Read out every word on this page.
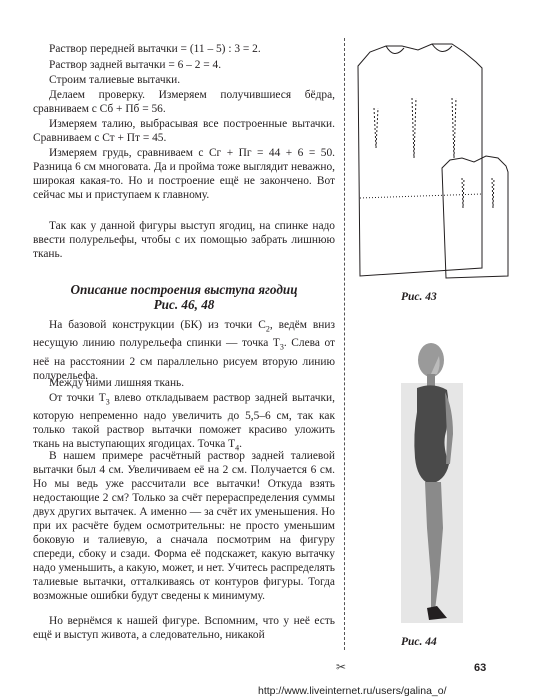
Раствор передней вытачки = (11 – 5) : 3 = 2.

Раствор задней вытачки = 6 – 2 = 4.

Строим талиевые вытачки.

Делаем проверку. Измеряем получившиеся бёдра, сравниваем с Сб + Пб = 56.

Измеряем талию, выбрасывая все построенные вытачки. Сравниваем с Ст + Пт = 45.

Измеряем грудь, сравниваем с Сг + Пг = 44 + 6 = 50. Разница 6 см многовата. Да и пройма тоже выглядит неважно, широкая какая-то. Но и построение ещё не закончено. Вот сейчас мы и приступаем к главному.

Так как у данной фигуры выступ ягодиц, на спинке надо ввести полурельефы, чтобы с их помощью забрать лишнюю ткань.

Описание построения выступа ягодиц

Рис. 46, 48

На базовой конструкции (БК) из точки $С_2$, ведём вниз несущую линию полурельефа спинки — точка $Т_3$. Слева от неё на расстоянии 2 см параллельно рисуем вторую линию полурельефа.

Между ними лишняя ткань.

От точки $Т_3$ влево откладываем раствор задней вытачки, которую непременно надо увеличить до 5,5–6 см, так как только такой раствор вытачки поможет красиво уложить ткань на выступающих ягодицах. Точка $Т_4$.

В нашем примере расчётный раствор задней талиевой вытачки был 4 см. Увеличиваем её на 2 см. Получается 6 см. Но мы ведь уже рассчитали все вытачки! Откуда взять недостающие 2 см? Только за счёт перераспределения суммы двух других вытачек. А именно — за счёт их уменьшения. Но при их расчёте будем осмотрительны: не просто уменьшим боковую и талиевую, а сначала посмотрим на фигуру спереди, сбоку и сзади. Форма её подскажет, какую вытачку надо уменьшить, а какую, может, и нет. Учитесь распределять талиевые вытачки, отталкиваясь от контуров фигуры. Тогда возможные ошибки будут сведены к минимуму.

Но вернёмся к нашей фигуре. Вспомним, что у неё есть ещё и выступ живота, а следовательно, никакой

✂
Рис. 43
Рис. 44
63
http://www.liveinternet.ru/users/galina_o/
